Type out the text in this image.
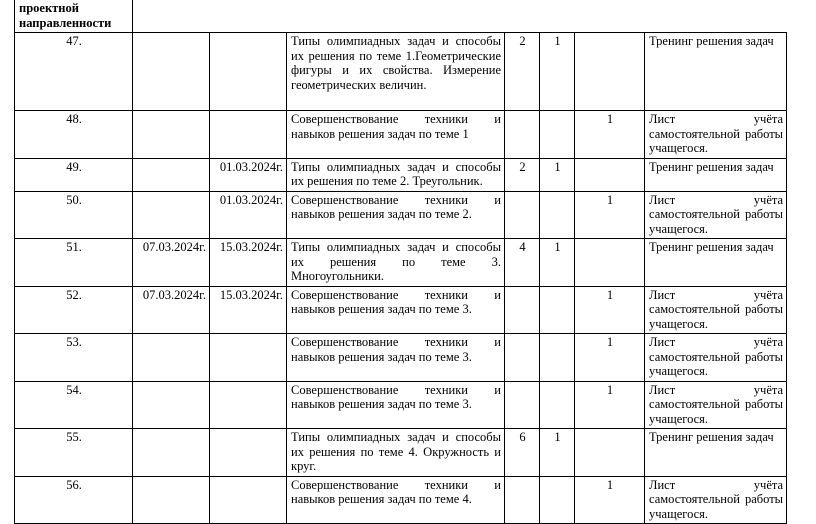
проектной
направленности							

47.			Типы олимпиадных задач и способы их решения по теме 1.Геометрические фигуры и их свойства. Измерение геометрических величин.	2	1		Тренинг решения задач
48.			Совершенствование техники и навыков решения задач по теме 1			1	Лист учёта самостоятельной работы учащегося.
49.		01.03.2024г.	Типы олимпиадных задач и способы их решения по теме 2. Треугольник.	2	1		Тренинг решения задач
50.		01.03.2024г.	Совершенствование техники и навыков решения задач по теме 2.			1	Лист учёта самостоятельной работы учащегося.
51.	07.03.2024г.	15.03.2024г.	Типы олимпиадных задач и способы их решения по теме 3. Многоугольники.	4	1		Тренинг решения задач
52.	07.03.2024г.	15.03.2024г.	Совершенствование техники и навыков решения задач по теме 3.			1	Лист учёта самостоятельной работы учащегося.
53.			Совершенствование техники и навыков решения задач по теме 3.			1	Лист учёта самостоятельной работы учащегося.
54.			Совершенствование техники и навыков решения задач по теме 3.			1	Лист учёта самостоятельной работы учащегося.
55.			Типы олимпиадных задач и способы их решения по теме 4. Окружность и круг.	6	1		Тренинг решения задач
56.			Совершенствование техники и навыков решения задач по теме 4.			1	Лист учёта самостоятельной работы учащегося.
